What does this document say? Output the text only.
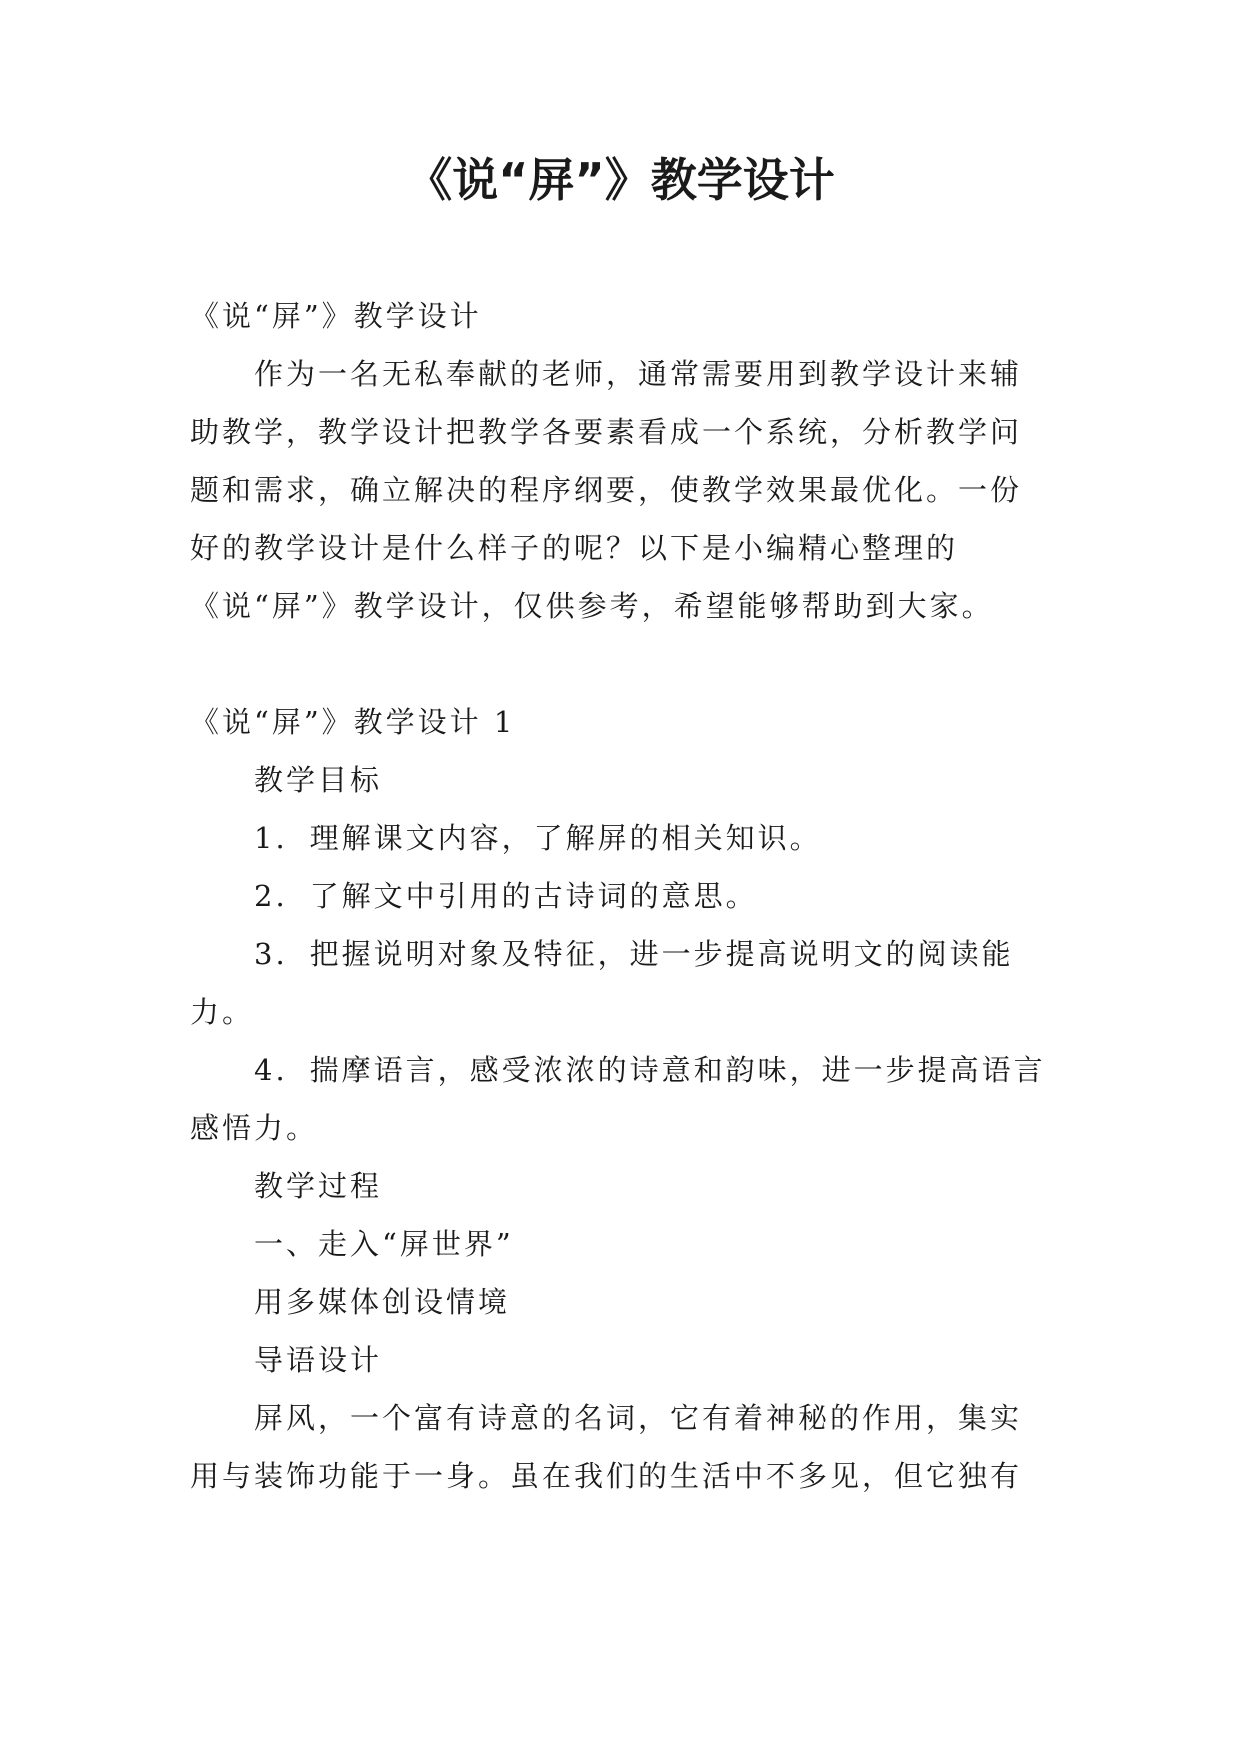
《说“屏”》教学设计

《说“屏”》教学设计

作为一名无私奉献的老师，通常需要用到教学设计来辅助教学，教学设计把教学各要素看成一个系统，分析教学问题和需求，确立解决的程序纲要，使教学效果最优化。一份好的教学设计是什么样子的呢？以下是小编精心整理的《说“屏”》教学设计，仅供参考，希望能够帮助到大家。

《说“屏”》教学设计 1

教学目标

1. 理解课文内容，了解屏的相关知识。

2. 了解文中引用的古诗词的意思。

3. 把握说明对象及特征，进一步提高说明文的阅读能力。

4. 揣摩语言，感受浓浓的诗意和韵味，进一步提高语言感悟力。

教学过程

一、走入“屏世界”

用多媒体创设情境

导语设计

屏风，一个富有诗意的名词，它有着神秘的作用，集实用与装饰功能于一身。虽在我们的生活中不多见，但它独有
